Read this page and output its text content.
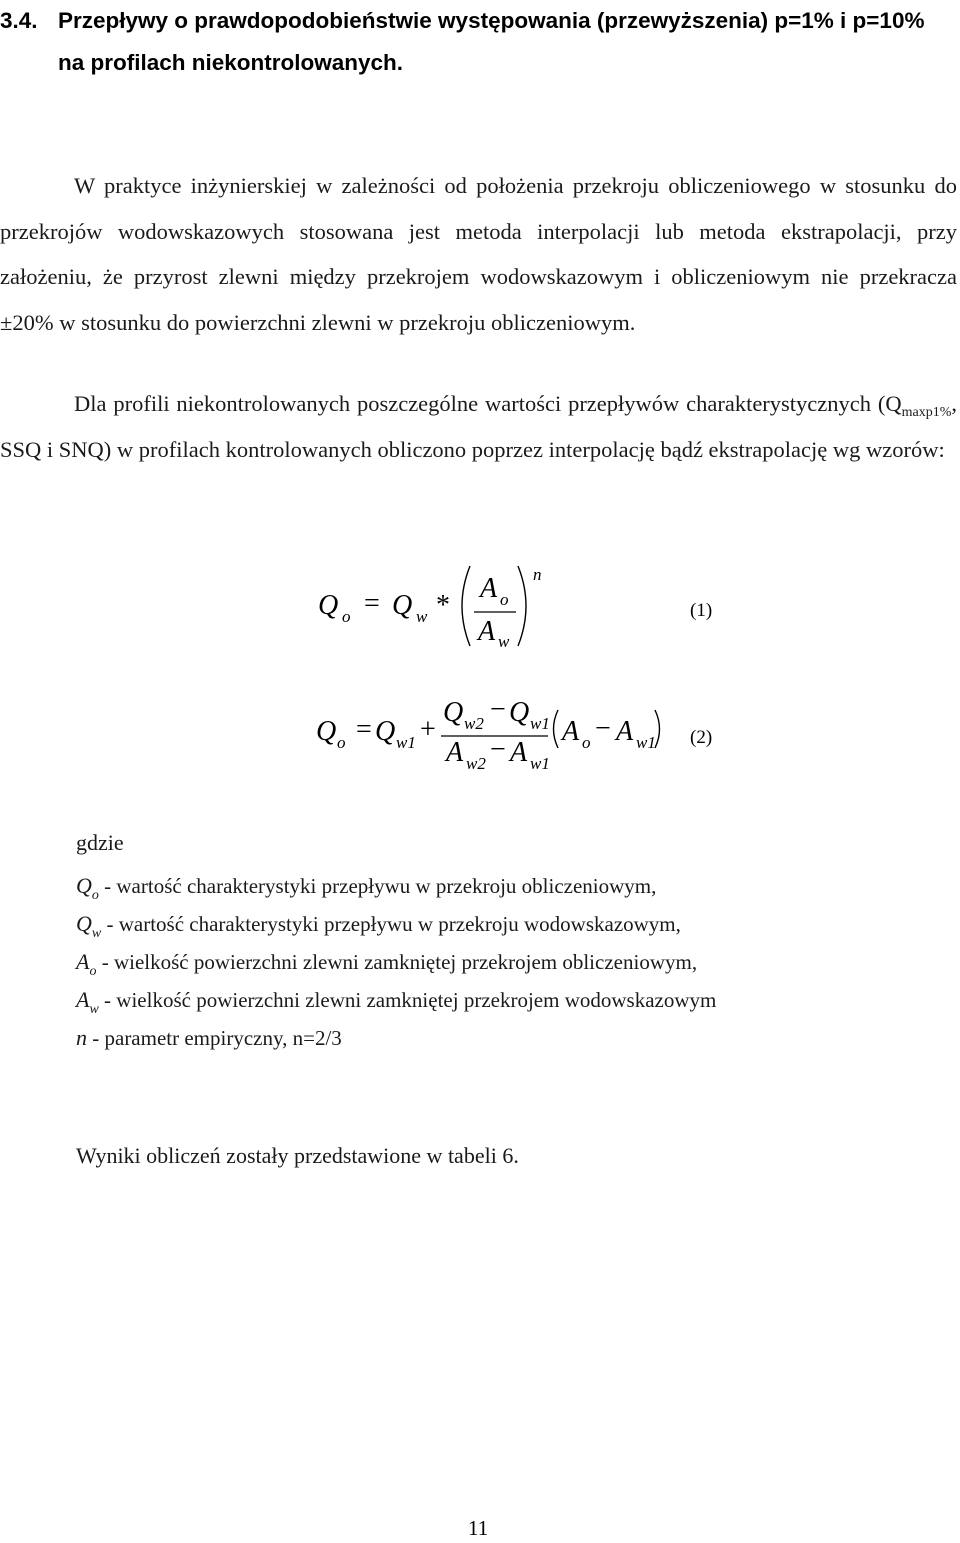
3.4. Przepływy o prawdopodobieństwie występowania (przewyższenia) p=1% i p=10%
na profilach niekontrolowanych.
W praktyce inżynierskiej w zależności od położenia przekroju obliczeniowego w stosunku do przekrojów wodowskazowych stosowana jest metoda interpolacji lub metoda ekstrapolacji, przy założeniu, że przyrost zlewni między przekrojem wodowskazowym i obliczeniowym nie przekracza ±20% w stosunku do powierzchni zlewni w przekroju obliczeniowym.
Dla profili niekontrolowanych poszczególne wartości przepływów charakterystycznych ($Q_{maxp1\%}$, SSQ i SNQ) w profilach kontrolowanych obliczono poprzez interpolację bądź ekstrapolację wg wzorów:
Q o = Q w *
A o
A w
n
(1)
Q o = Q w1 +
Q w2 − Q w1
A w2 − A w1
A o − A w1 (2)
gdzie
$Q_o$ - wartość charakterystyki przepływu w przekroju obliczeniowym,
$Q_w$ - wartość charakterystyki przepływu w przekroju wodowskazowym,
$A_o$ - wielkość powierzchni zlewni zamkniętej przekrojem obliczeniowym,
$A_w$ - wielkość powierzchni zlewni zamkniętej przekrojem wodowskazowym
n - parametr empiryczny, n=2/3
Wyniki obliczeń zostały przedstawione w tabeli 6.
11
